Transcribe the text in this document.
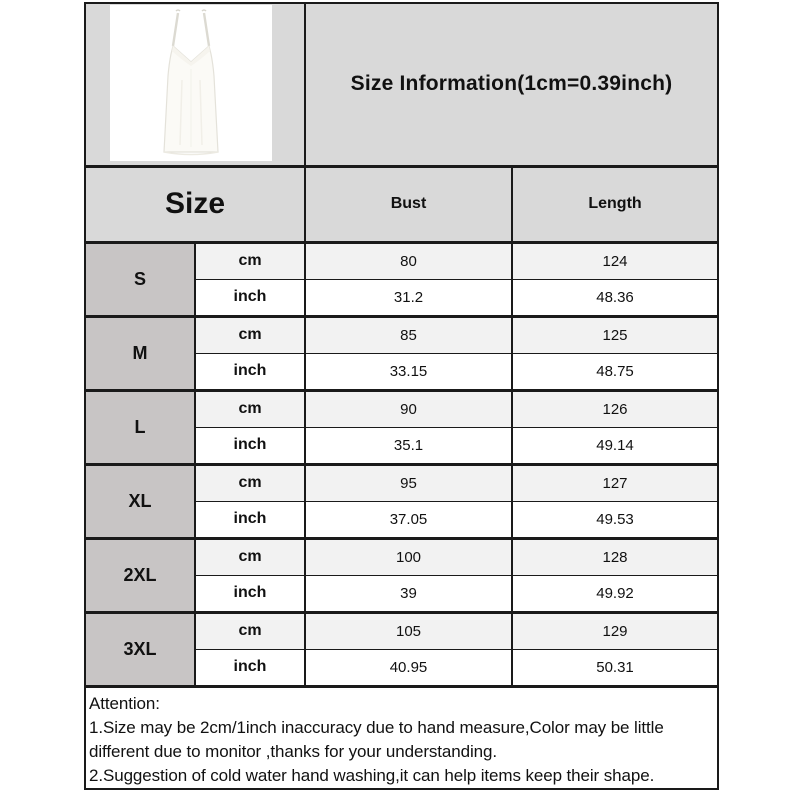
	Size Information(1cm=0.39inch)	
Size		Bust	Length
S	cm	80	124
	inch	31.2	48.36
M	cm	85	125
	inch	33.15	48.75
L	cm	90	126
	inch	35.1	49.14
XL	cm	95	127
	inch	37.05	49.53
2XL	cm	100	128
	inch	39	49.92
3XL	cm	105	129
	inch	40.95	50.31

Attention:
1.Size may be 2cm/1inch inaccuracy due to hand measure,Color may be little different due to monitor ,thanks for your understanding.
2.Suggestion of cold water hand washing,it can help items keep their shape.			
